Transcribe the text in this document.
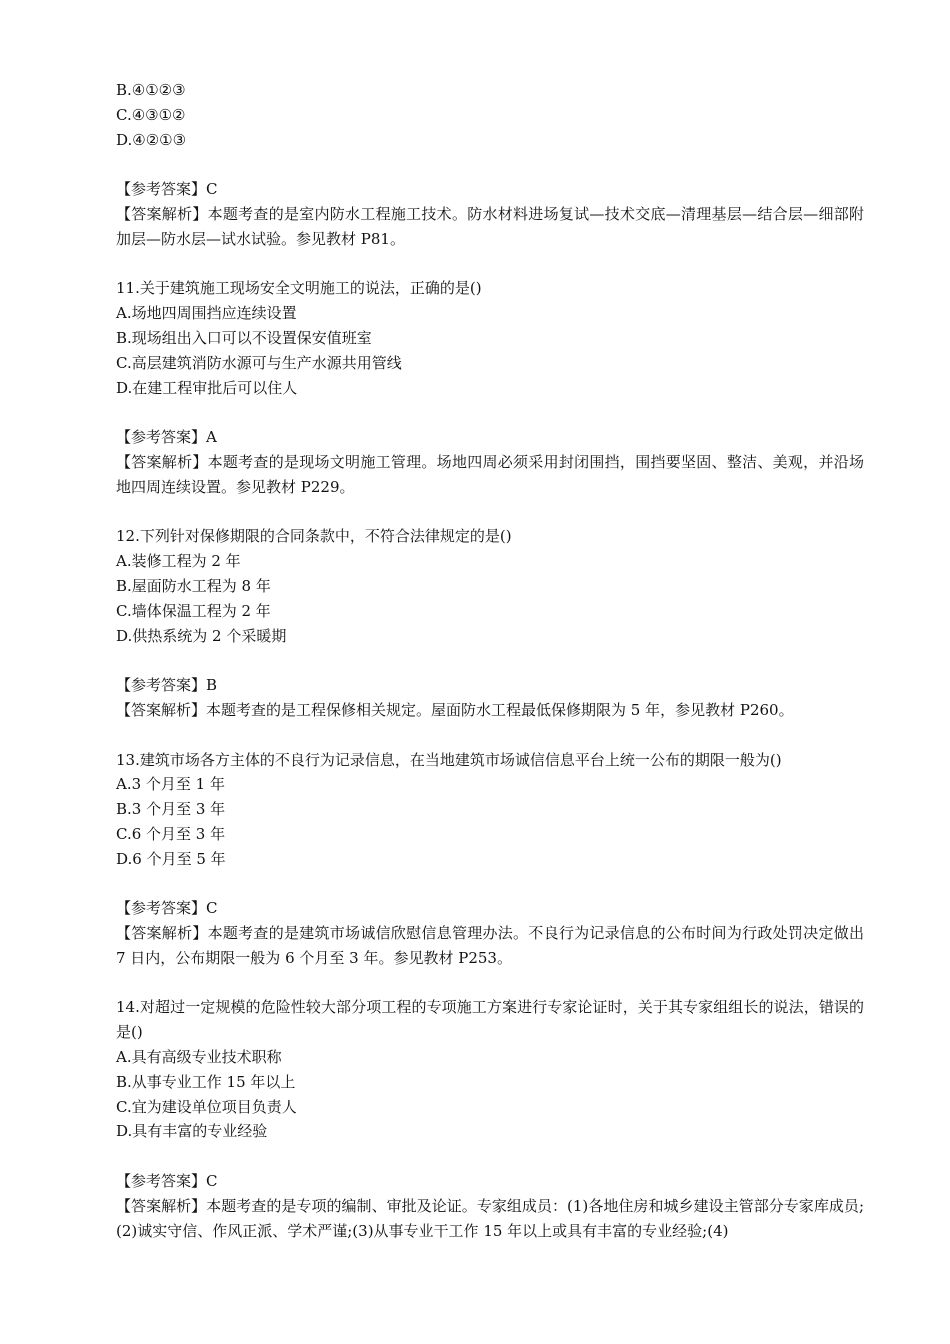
B.④①②③
C.④③①②
D.④②①③
【参考答案】C
【答案解析】本题考查的是室内防水工程施工技术。防水材料进场复试—技术交底—清理基层—结合层—细部附加层—防水层—试水试验。参见教材 P81。
11.关于建筑施工现场安全文明施工的说法，正确的是()
A.场地四周围挡应连续设置
B.现场组出入口可以不设置保安值班室
C.高层建筑消防水源可与生产水源共用管线
D.在建工程审批后可以住人
【参考答案】A
【答案解析】本题考查的是现场文明施工管理。场地四周必须采用封闭围挡，围挡要坚固、整洁、美观，并沿场地四周连续设置。参见教材 P229。
12.下列针对保修期限的合同条款中，不符合法律规定的是()
A.装修工程为 2 年
B.屋面防水工程为 8 年
C.墙体保温工程为 2 年
D.供热系统为 2 个采暖期
【参考答案】B
【答案解析】本题考查的是工程保修相关规定。屋面防水工程最低保修期限为 5 年，参见教材 P260。
13.建筑市场各方主体的不良行为记录信息，在当地建筑市场诚信信息平台上统一公布的期限一般为()
A.3 个月至 1 年
B.3 个月至 3 年
C.6 个月至 3 年
D.6 个月至 5 年
【参考答案】C
【答案解析】本题考查的是建筑市场诚信欣慰信息管理办法。不良行为记录信息的公布时间为行政处罚决定做出 7 日内，公布期限一般为 6 个月至 3 年。参见教材 P253。
14.对超过一定规模的危险性较大部分项工程的专项施工方案进行专家论证时，关于其专家组组长的说法，错误的是()
A.具有高级专业技术职称
B.从事专业工作 15 年以上
C.宜为建设单位项目负责人
D.具有丰富的专业经验
【参考答案】C
【答案解析】本题考查的是专项的编制、审批及论证。专家组成员：(1)各地住房和城乡建设主管部分专家库成员;(2)诚实守信、作风正派、学术严谨;(3)从事专业干工作 15 年以上或具有丰富的专业经验;(4)
